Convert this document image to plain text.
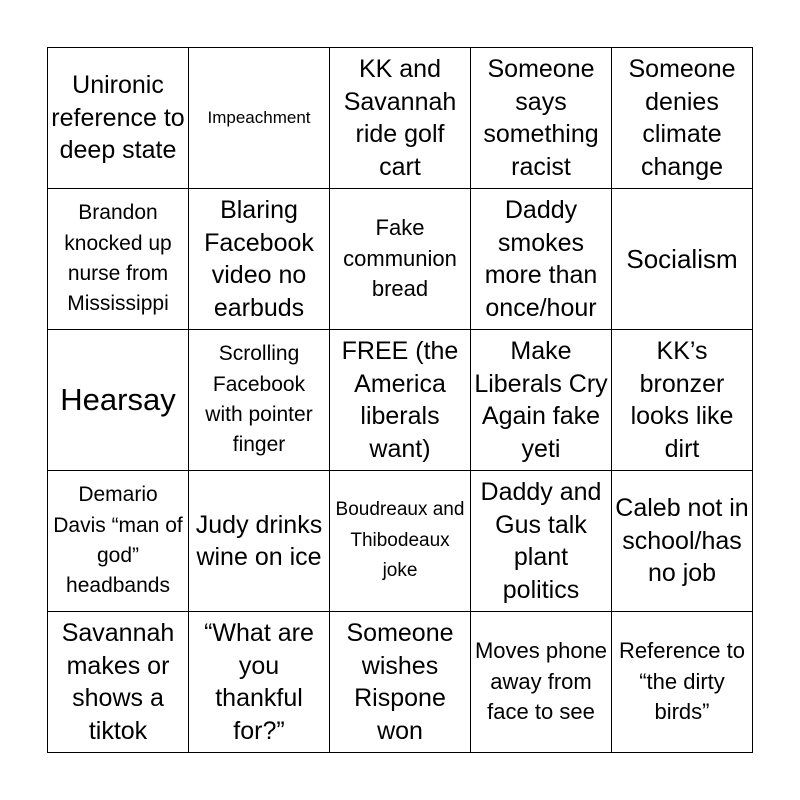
Unironic reference to deep state
Impeachment
KK and Savannah ride golf cart
Someone says something racist
Someone denies climate change
Brandon knocked up nurse from Mississippi
Blaring Facebook video no earbuds
Fake communion bread
Daddy smokes more than once/hour
Socialism
Hearsay
Scrolling Facebook with pointer finger
FREE (the America liberals want)
Make Liberals Cry Again fake yeti
KK’s bronzer looks like dirt
Demario Davis “man of god” headbands
Judy drinks wine on ice
Boudreaux and Thibodeaux joke
Daddy and Gus talk plant politics
Caleb not in school/has no job
Savannah makes or shows a tiktok
“What are you thankful for?”
Someone wishes Rispone won
Moves phone away from face to see
Reference to “the dirty birds”
